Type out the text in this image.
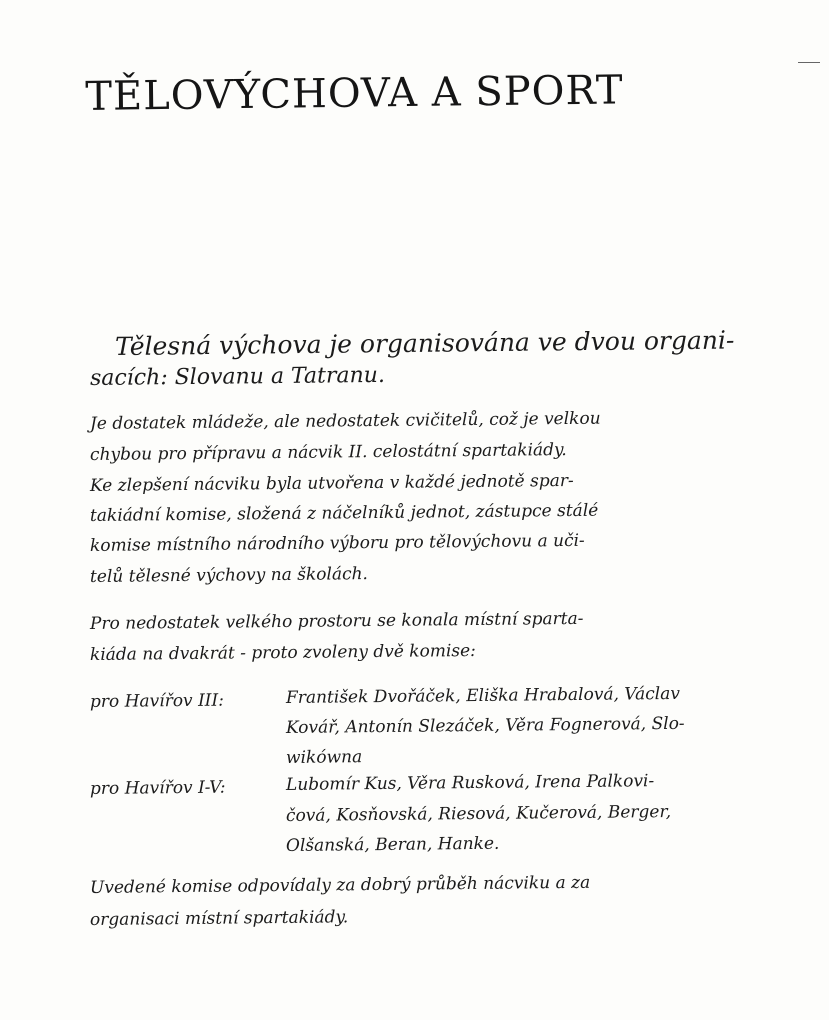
TĚLOVÝCHOVA A SPORT
Tělesná výchova je organisována ve dvou organi-
sacích: Slovanu a Tatranu.
Je dostatek mládeže, ale nedostatek cvičitelů, což je velkou
chybou pro přípravu a nácvik II. celostátní spartakiády.
Ke zlepšení nácviku byla utvořena v každé jednotě spar-
takiádní komise, složená z náčelníků jednot, zástupce stálé
komise místního národního výboru pro tělovýchovu a uči-
telů tělesné výchovy na školách.
Pro nedostatek velkého prostoru se konala místní sparta-
kiáda na dvakrát - proto zvoleny dvě komise:
pro Havířov III:	František Dvořáček, Eliška Hrabalová, Václav
Kovář, Antonín Slezáček, Věra Fognerová, Slo-
wikówna
pro Havířov I-V:	Lubomír Kus, Věra Rusková, Irena Palkovi-
čová, Kosňovská, Riesová, Kučerová, Berger,
Olšanská, Beran, Hanke.
Uvedené komise odpovídaly za dobrý průběh nácviku a za
organisaci místní spartakiády.
